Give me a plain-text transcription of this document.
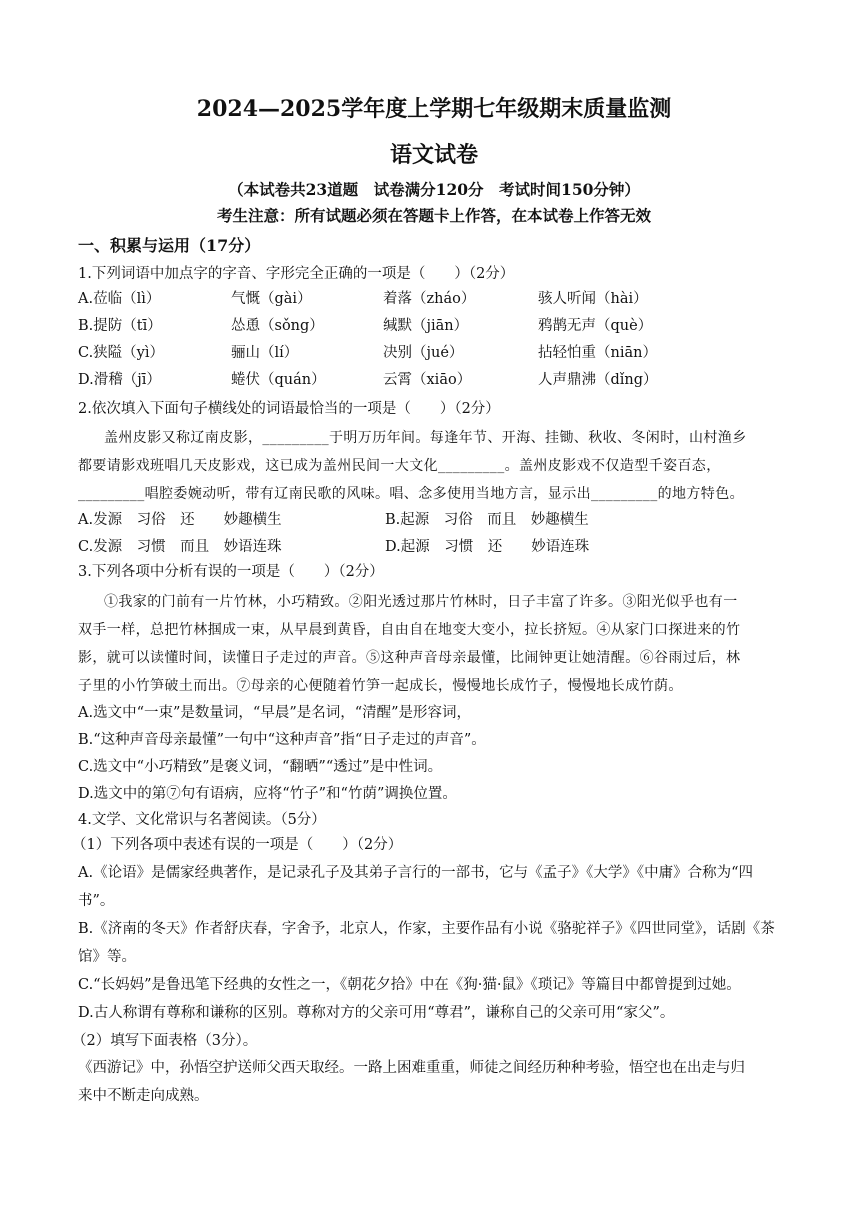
2024—2025学年度上学期七年级期末质量监测
语文试卷
（本试卷共23道题　试卷满分120分　考试时间150分钟）
考生注意：所有试题必须在答题卡上作答，在本试卷上作答无效
一、积累与运用（17分）
1.下列词语中加点字的字音、字形完全正确的一项是（　　）（2分）
A.莅临（lì）	气慨（gài）	着落（zháo）	骇人听闻（hài）
B.提防（tī）	怂恿（sǒng）	缄默（jiān）	鸦鹊无声（què）
C.狭隘（yì）	骊山（lí）	决别（jué）	拈轻怕重（niān）
D.滑稽（jī）	蜷伏（quán）	云霄（xiāo）	人声鼎沸（dǐng）
2.依次填入下面句子横线处的词语最恰当的一项是（　　）（2分）
盖州皮影又称辽南皮影，_________于明万历年间。每逢年节、开海、挂锄、秋收、冬闲时，山村渔乡
都要请影戏班唱几天皮影戏，这已成为盖州民间一大文化_________。盖州皮影戏不仅造型千姿百态，
_________唱腔委婉动听，带有辽南民歌的风味。唱、念多使用当地方言，显示出_________的地方特色。
A.发源　习俗　还　　妙趣横生	B.起源　习俗　而且　妙趣横生
C.发源　习惯　而且　妙语连珠	D.起源　习惯　还　　妙语连珠
3.下列各项中分析有误的一项是（　　）（2分）
①我家的门前有一片竹林，小巧精致。②阳光透过那片竹林时，日子丰富了许多。③阳光似乎也有一
双手一样，总把竹林掴成一束，从早晨到黄昏，自由自在地变大变小，拉长挤短。④从家门口探进来的竹
影，就可以读懂时间，读懂日子走过的声音。⑤这种声音母亲最懂，比闹钟更让她清醒。⑥谷雨过后，林
子里的小竹笋破土而出。⑦母亲的心便随着竹笋一起成长，慢慢地长成竹子，慢慢地长成竹荫。
A.选文中“一束”是数量词，“早晨”是名词，“清醒”是形容词，
B.“这种声音母亲最懂”一句中“这种声音”指“日子走过的声音”。
C.选文中“小巧精致”是褒义词，“翻晒”“透过”是中性词。
D.选文中的第⑦句有语病，应将“竹子”和“竹荫”调换位置。
4.文学、文化常识与名著阅读。（5分）
（1）下列各项中表述有误的一项是（　　）（2分）
A.《论语》是儒家经典著作，是记录孔子及其弟子言行的一部书，它与《孟子》《大学》《中庸》合称为“四
书”。
B.《济南的冬天》作者舒庆春，字舍予，北京人，作家，主要作品有小说《骆驼祥子》《四世同堂》，话剧《茶
馆》等。
C.“长妈妈”是鲁迅笔下经典的女性之一，《朝花夕拾》中在《狗·猫·鼠》《琐记》等篇目中都曾提到过她。
D.古人称谓有尊称和谦称的区别。尊称对方的父亲可用“尊君”，谦称自己的父亲可用“家父”。
（2）填写下面表格（3分）。
《西游记》中，孙悟空护送师父西天取经。一路上困难重重，师徒之间经历种种考验，悟空也在出走与归
来中不断走向成熟。
